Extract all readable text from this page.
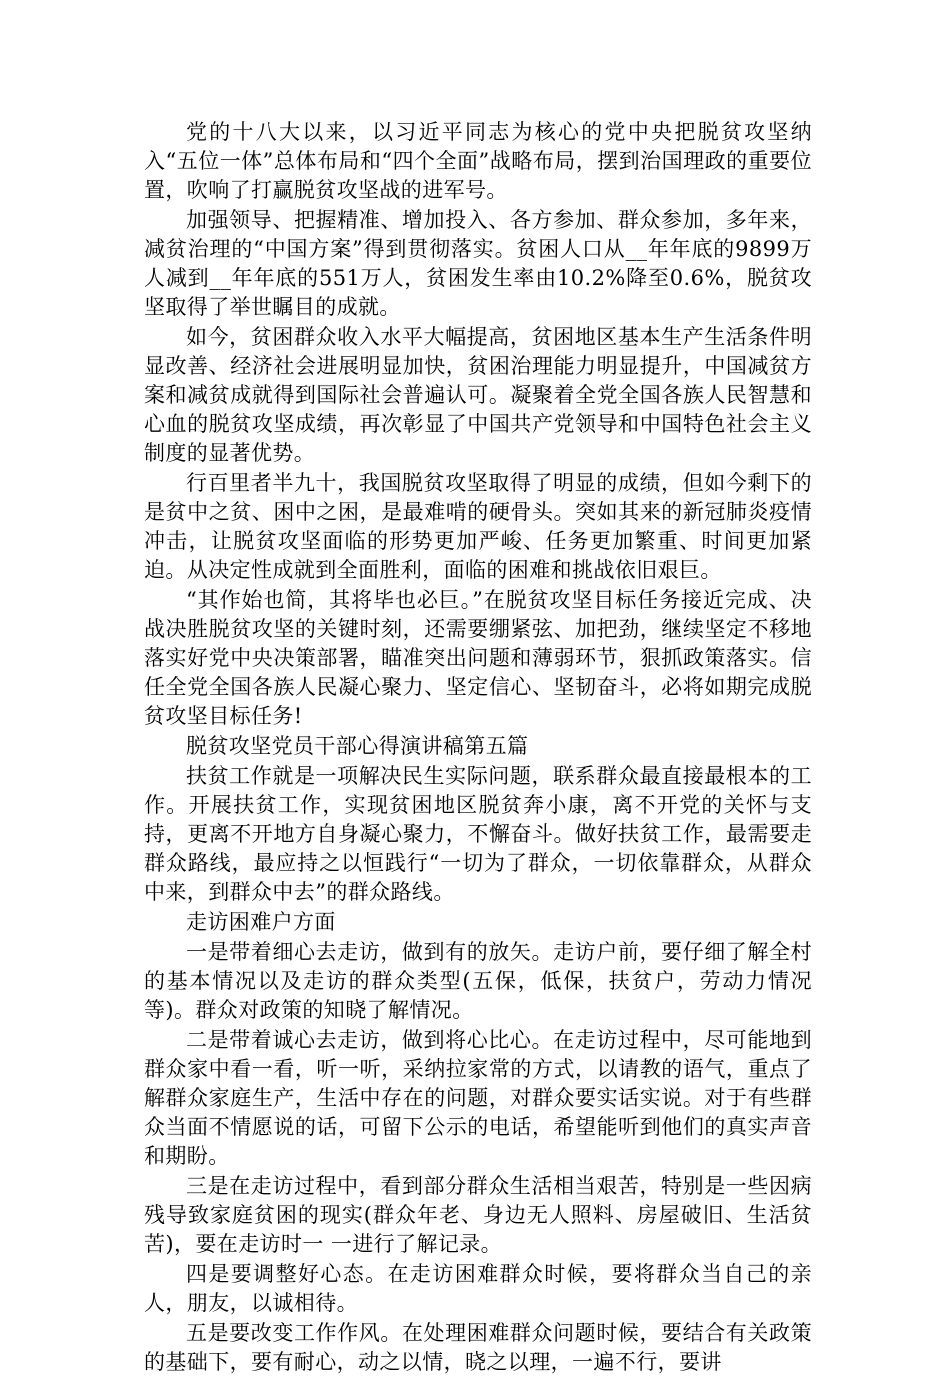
党的十八大以来，以习近平同志为核心的党中央把脱贫攻坚纳入“五位一体”总体布局和“四个全面”战略布局，摆到治国理政的重要位置，吹响了打赢脱贫攻坚战的进军号。

加强领导、把握精准、增加投入、各方参加、群众参加，多年来，减贫治理的“中国方案”得到贯彻落实。贫困人口从__年年底的9899万人减到__年年底的551万人，贫困发生率由10.2%降至0.6%，脱贫攻坚取得了举世瞩目的成就。

如今，贫困群众收入水平大幅提高，贫困地区基本生产生活条件明显改善、经济社会进展明显加快，贫困治理能力明显提升，中国减贫方案和减贫成就得到国际社会普遍认可。凝聚着全党全国各族人民智慧和心血的脱贫攻坚成绩，再次彰显了中国共产党领导和中国特色社会主义制度的显著优势。

行百里者半九十，我国脱贫攻坚取得了明显的成绩，但如今剩下的是贫中之贫、困中之困，是最难啃的硬骨头。突如其来的新冠肺炎疫情冲击，让脱贫攻坚面临的形势更加严峻、任务更加繁重、时间更加紧迫。从决定性成就到全面胜利，面临的困难和挑战依旧艰巨。

“其作始也简，其将毕也必巨。”在脱贫攻坚目标任务接近完成、决战决胜脱贫攻坚的关键时刻，还需要绷紧弦、加把劲，继续坚定不移地落实好党中央决策部署，瞄准突出问题和薄弱环节，狠抓政策落实。信任全党全国各族人民凝心聚力、坚定信心、坚韧奋斗，必将如期完成脱贫攻坚目标任务!

脱贫攻坚党员干部心得演讲稿第五篇

扶贫工作就是一项解决民生实际问题，联系群众最直接最根本的工作。开展扶贫工作，实现贫困地区脱贫奔小康，离不开党的关怀与支持，更离不开地方自身凝心聚力，不懈奋斗。做好扶贫工作，最需要走群众路线，最应持之以恒践行“一切为了群众，一切依靠群众，从群众中来，到群众中去”的群众路线。

走访困难户方面

一是带着细心去走访，做到有的放矢。走访户前，要仔细了解全村的基本情况以及走访的群众类型(五保，低保，扶贫户，劳动力情况等)。群众对政策的知晓了解情况。

二是带着诚心去走访，做到将心比心。在走访过程中，尽可能地到群众家中看一看，听一听，采纳拉家常的方式，以请教的语气，重点了解群众家庭生产，生活中存在的问题，对群众要实话实说。对于有些群众当面不情愿说的话，可留下公示的电话，希望能听到他们的真实声音和期盼。

三是在走访过程中，看到部分群众生活相当艰苦，特别是一些因病残导致家庭贫困的现实(群众年老、身边无人照料、房屋破旧、生活贫苦)，要在走访时一 一进行了解记录。

四是要调整好心态。在走访困难群众时候，要将群众当自己的亲人，朋友，以诚相待。

五是要改变工作作风。在处理困难群众问题时候，要结合有关政策的基础下，要有耐心，动之以情，晓之以理，一遍不行，要讲
